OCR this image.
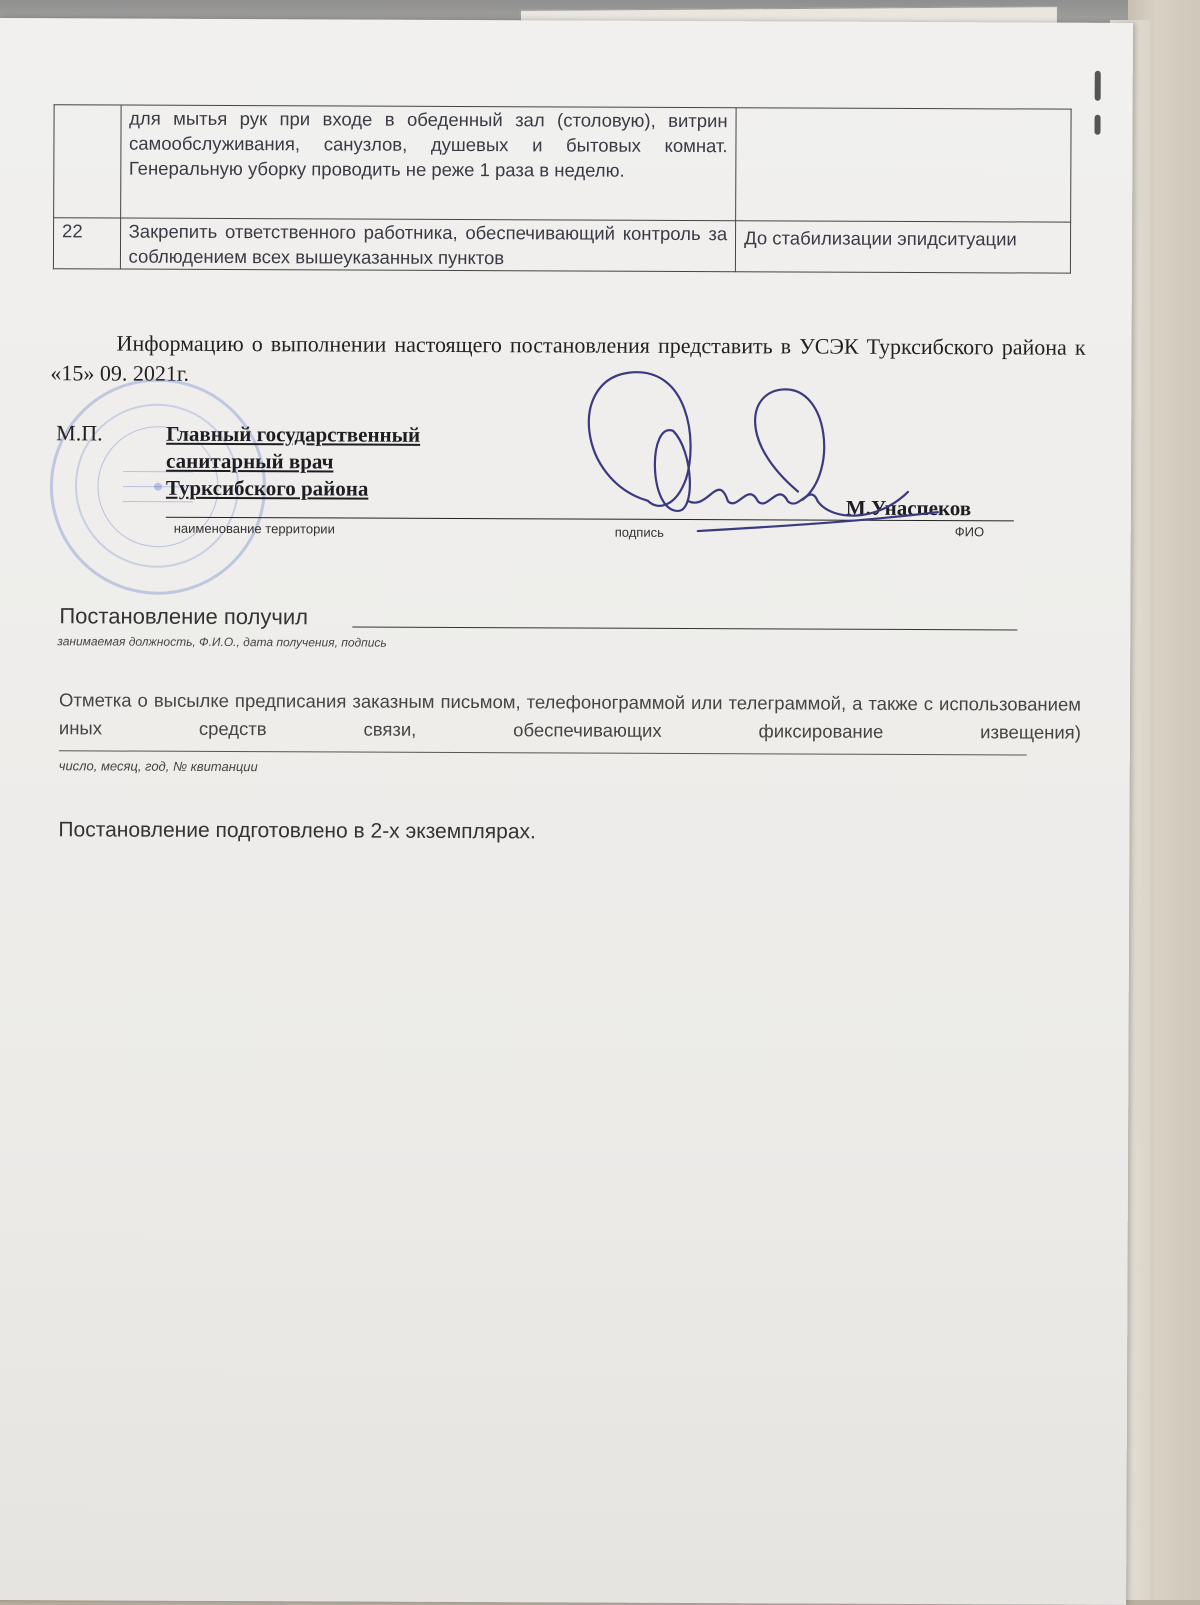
	для мытья рук при входе в обеденный зал (столовую), витрин самообслуживания, санузлов, душевых и бытовых комнат. Генеральную уборку проводить не реже 1 раза в неделю.	
22	Закрепить ответственного работника, обеспечивающий контроль за соблюдением всех вышеуказанных пунктов	До стабилизации эпидситуации
Информацию о выполнении настоящего постановления представить в УСЭК Турксибского района к «15» 09. 2021г.
М.П.	Главный государственный
санитарный врач
Турксибского района
М.Унаспеков
наименование территории	подпись	ФИО
Постановление получил
занимаемая должность, Ф.И.О., дата получения, подпись
Отметка о высылке предписания заказным письмом, телефонограммой или телеграммой, а также с использованием иных средств связи, обеспечивающих фиксирование извещения)
число, месяц, год, № квитанции
Постановление подготовлено в 2-х экземплярах.
